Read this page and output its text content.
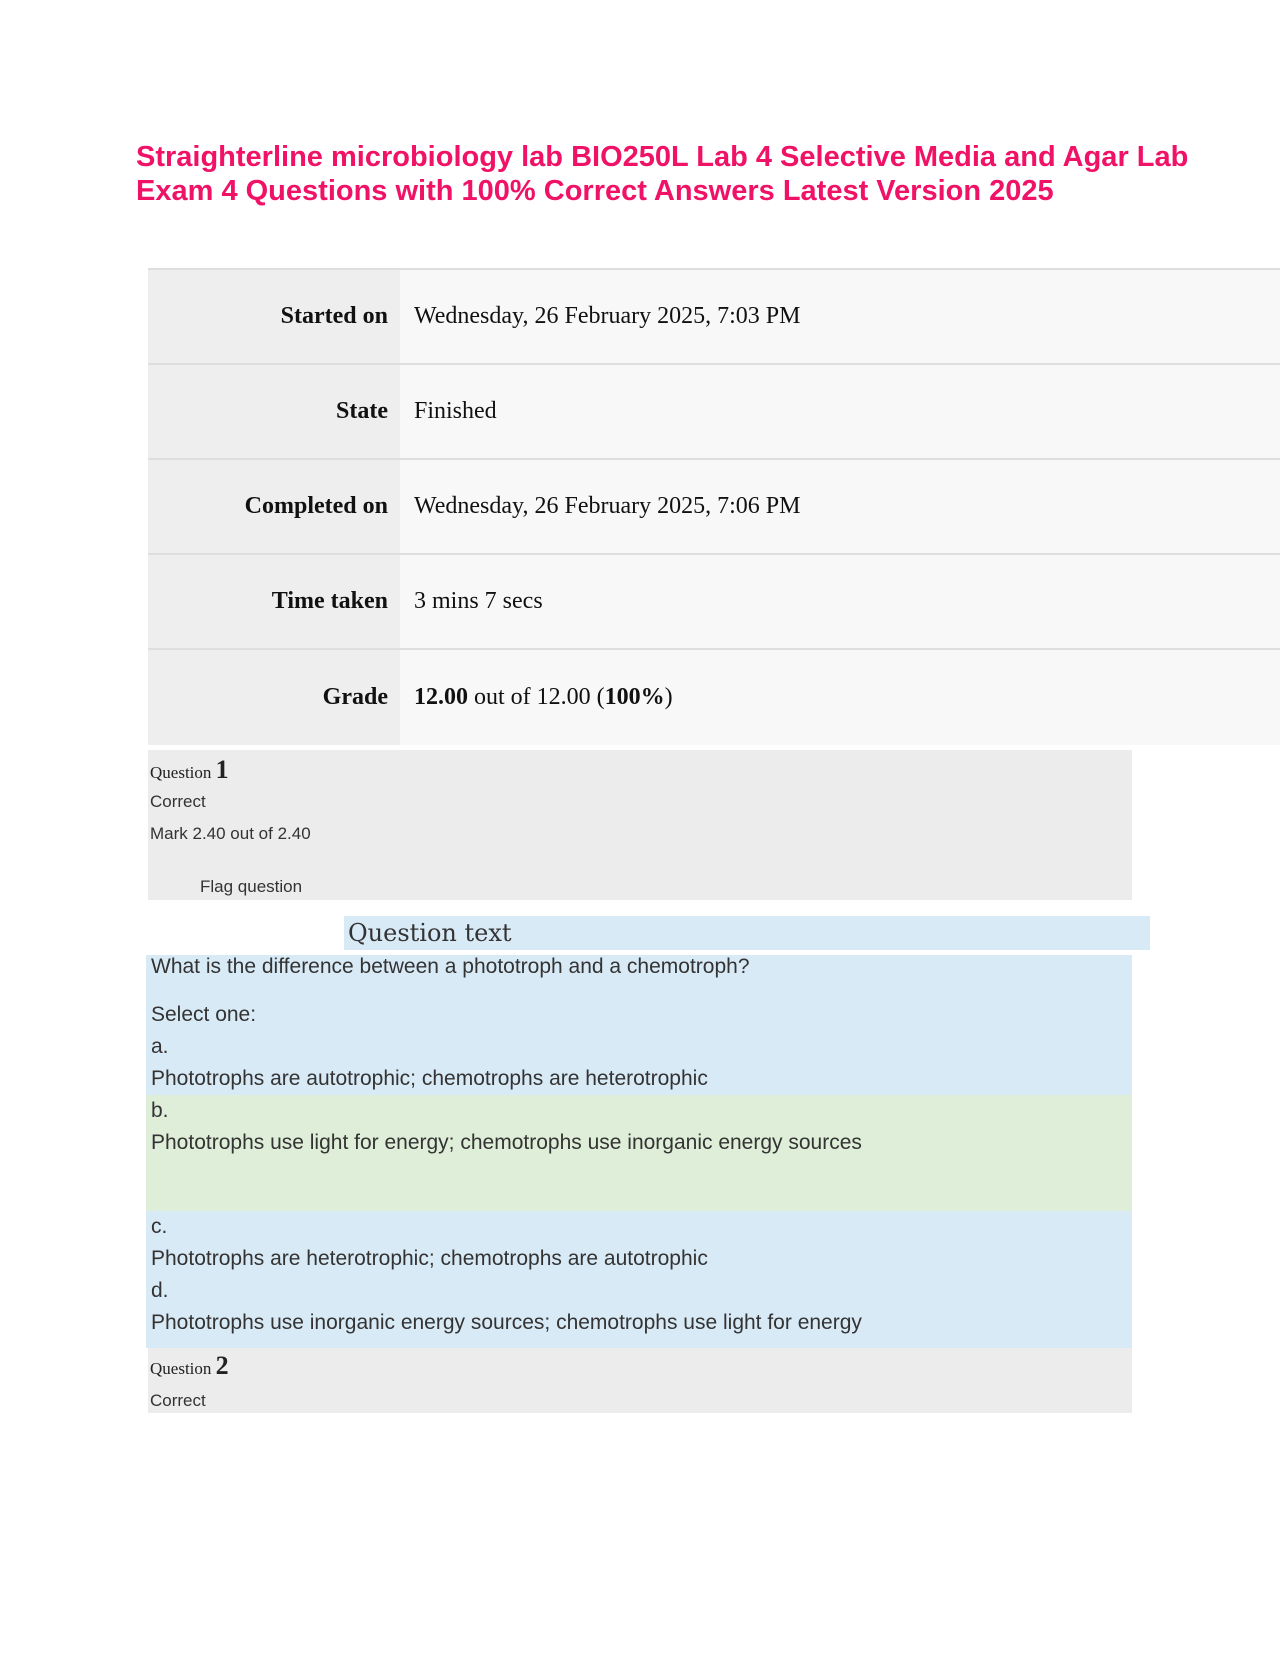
Straighterline microbiology lab BIO250L Lab 4 Selective Media and Agar Lab
Exam 4 Questions with 100% Correct Answers Latest Version 2025
Started on	Wednesday, 26 February 2025, 7:03 PM
State	Finished
Completed on	Wednesday, 26 February 2025, 7:06 PM
Time taken	3 mins 7 secs
Grade	12.00 out of 12.00 ( 100% )
Question 1
Correct
Mark 2.40 out of 2.40
Flag question
Question text
What is the difference between a phototroph and a chemotroph?
Select one:
a.
Phototrophs are autotrophic; chemotrophs are heterotrophic
b.
Phototrophs use light for energy; chemotrophs use inorganic energy sources
c.
Phototrophs are heterotrophic; chemotrophs are autotrophic
d.
Phototrophs use inorganic energy sources; chemotrophs use light for energy
Question 2
Correct
